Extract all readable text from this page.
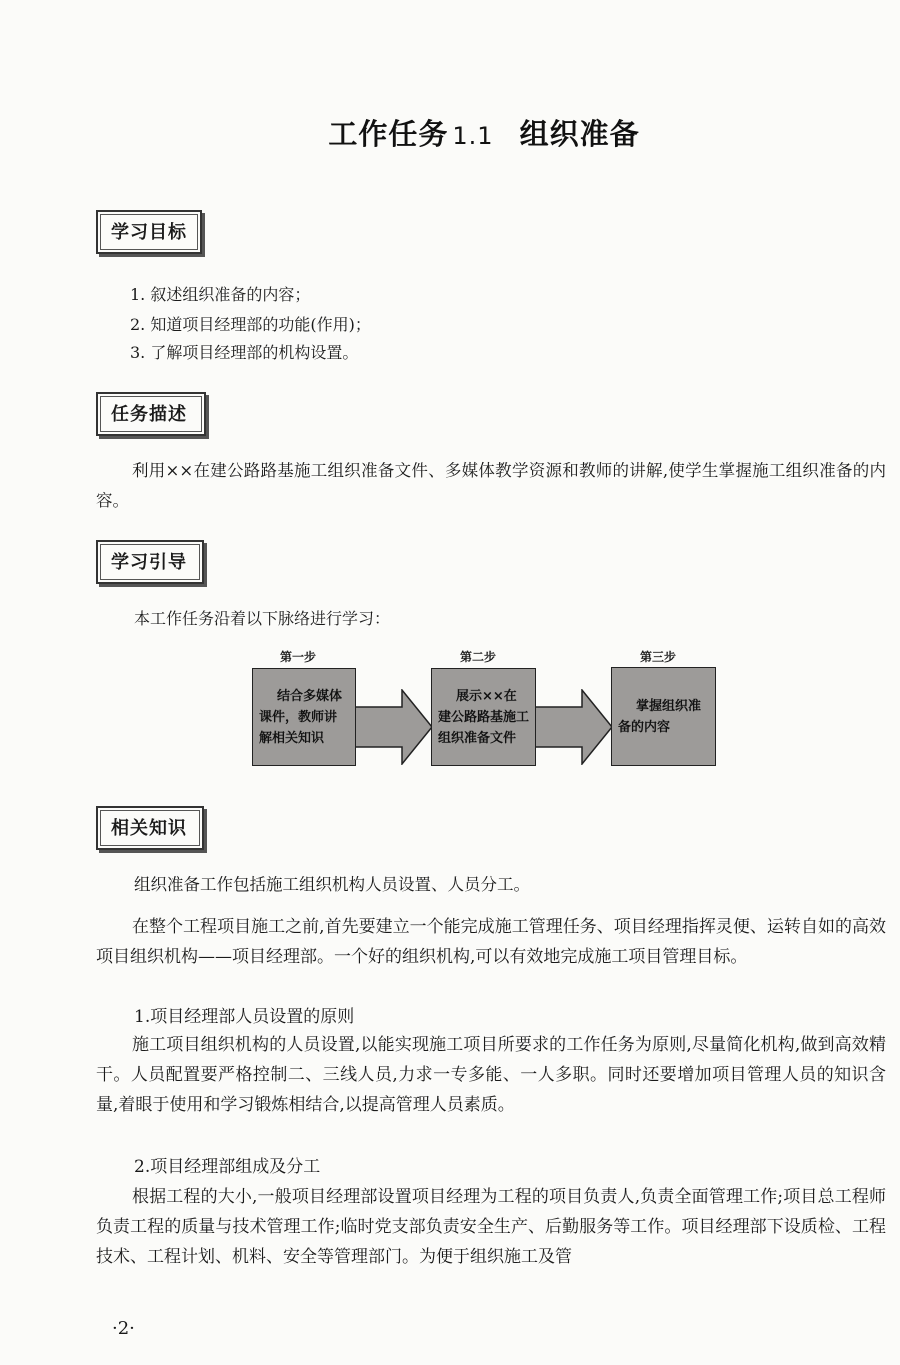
工作任务 1.1 组织准备
学习目标
1. 叙述组织准备的内容；
2. 知道项目经理部的功能(作用)；
3. 了解项目经理部的机构设置。
任务描述
利用××在建公路路基施工组织准备文件、多媒体教学资源和教师的讲解,使学生掌握施工组织准备的内容。
学习引导
本工作任务沿着以下脉络进行学习：
第一步	第二步	第三步
结合多媒体课件，教师讲解相关知识
展示××在建公路路基施工组织准备文件
掌握组织准备的内容
相关知识
组织准备工作包括施工组织机构人员设置、人员分工。
在整个工程项目施工之前,首先要建立一个能完成施工管理任务、项目经理指挥灵便、运转自如的高效项目组织机构——项目经理部。一个好的组织机构,可以有效地完成施工项目管理目标。
1.项目经理部人员设置的原则
施工项目组织机构的人员设置,以能实现施工项目所要求的工作任务为原则,尽量简化机构,做到高效精干。人员配置要严格控制二、三线人员,力求一专多能、一人多职。同时还要增加项目管理人员的知识含量,着眼于使用和学习锻炼相结合,以提高管理人员素质。
2.项目经理部组成及分工
根据工程的大小,一般项目经理部设置项目经理为工程的项目负责人,负责全面管理工作;项目总工程师负责工程的质量与技术管理工作;临时党支部负责安全生产、后勤服务等工作。项目经理部下设质检、工程技术、工程计划、机料、安全等管理部门。为便于组织施工及管
·2·
